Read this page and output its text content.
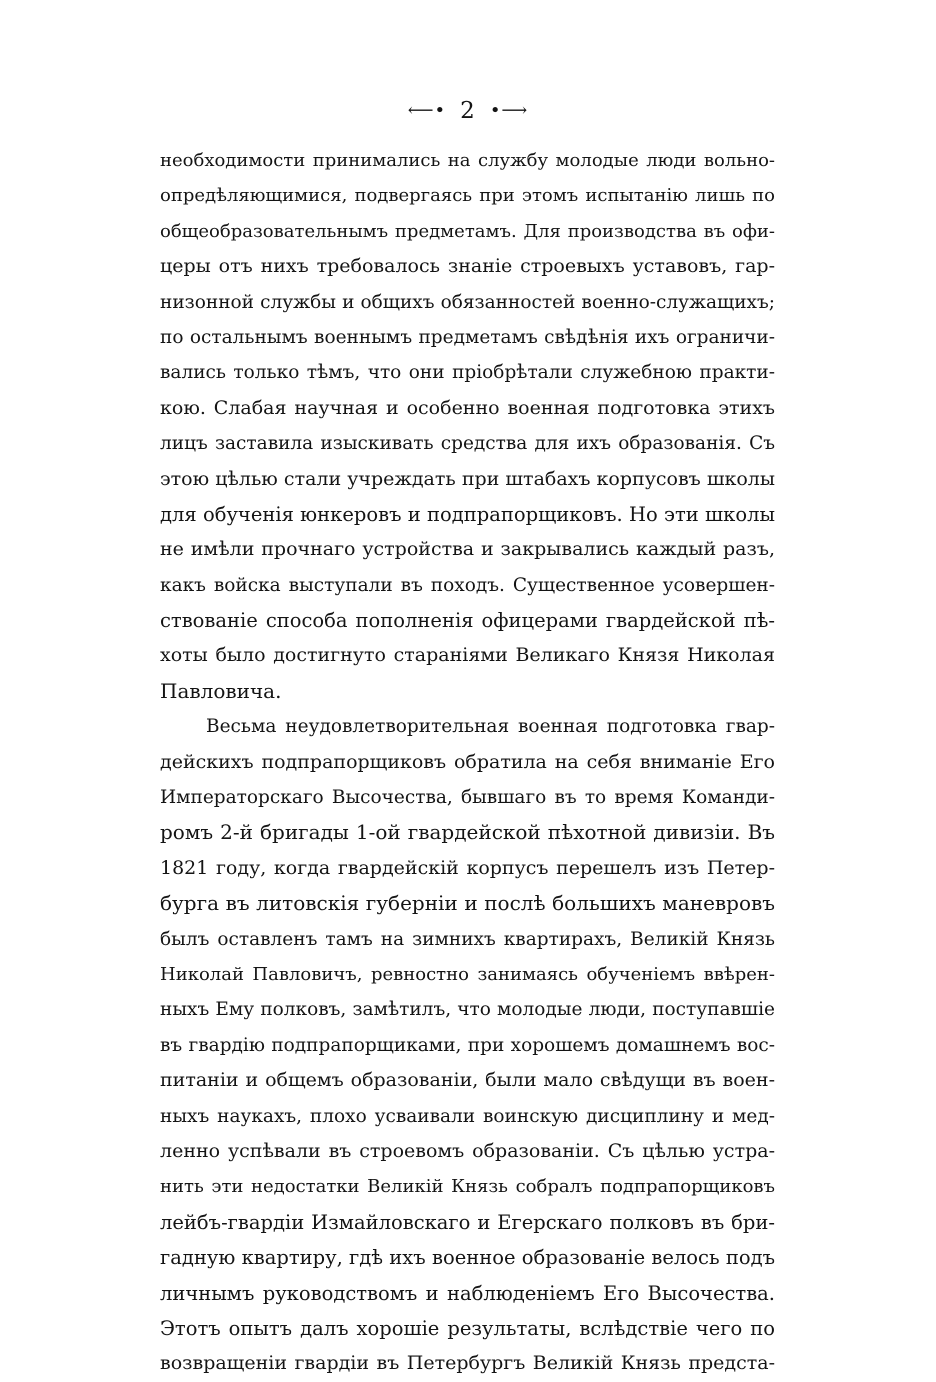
⟵• 2 •⟶
необходимости принимались на службу молодые люди вольно-
опредѣляющимися, подвергаясь при этомъ испытанію лишь по
общеобразовательнымъ предметамъ. Для производства въ офи-
церы отъ нихъ требовалось знаніе строевыхъ уставовъ, гар-
низонной службы и общихъ обязанностей военно-служащихъ;
по остальнымъ военнымъ предметамъ свѣдѣнія ихъ ограничи-
вались только тѣмъ, что они пріобрѣтали служебною практи-
кою. Слабая научная и особенно военная подготовка этихъ
лицъ заставила изыскивать средства для ихъ образованія. Съ
этою цѣлью стали учреждать при штабахъ корпусовъ школы
для обученія юнкеровъ и подпрапорщиковъ. Но эти школы
не имѣли прочнаго устройства и закрывались каждый разъ,
какъ войска выступали въ походъ. Существенное усовершен-
ствованіе способа пополненія офицерами гвардейской пѣ-
хоты было достигнуто стараніями Великаго Князя Николая
Павловича.
Весьма неудовлетворительная военная подготовка гвар-
дейскихъ подпрапорщиковъ обратила на себя вниманіе Его
Императорскаго Высочества, бывшаго въ то время Команди-
ромъ 2-й бригады 1-ой гвардейской пѣхотной дивизіи. Въ
1821 году, когда гвардейскій корпусъ перешелъ изъ Петер-
бурга въ литовскія губерніи и послѣ большихъ маневровъ
былъ оставленъ тамъ на зимнихъ квартирахъ, Великій Князь
Николай Павловичъ, ревностно занимаясь обученіемъ ввѣрен-
ныхъ Ему полковъ, замѣтилъ, что молодые люди, поступавшіе
въ гвардію подпрапорщиками, при хорошемъ домашнемъ вос-
питаніи и общемъ образованіи, были мало свѣдущи въ воен-
ныхъ наукахъ, плохо усваивали воинскую дисциплину и мед-
ленно успѣвали въ строевомъ образованіи. Съ цѣлью устра-
нить эти недостатки Великій Князь собралъ подпрапорщиковъ
лейбъ-гвардіи Измайловскаго и Егерскаго полковъ въ бри-
гадную квартиру, гдѣ ихъ военное образованіе велось подъ
личнымъ руководствомъ и наблюденіемъ Его Высочества.
Этотъ опытъ далъ хорошіе результаты, вслѣдствіе чего по
возвращеніи гвардіи въ Петербургъ Великій Князь предста-
